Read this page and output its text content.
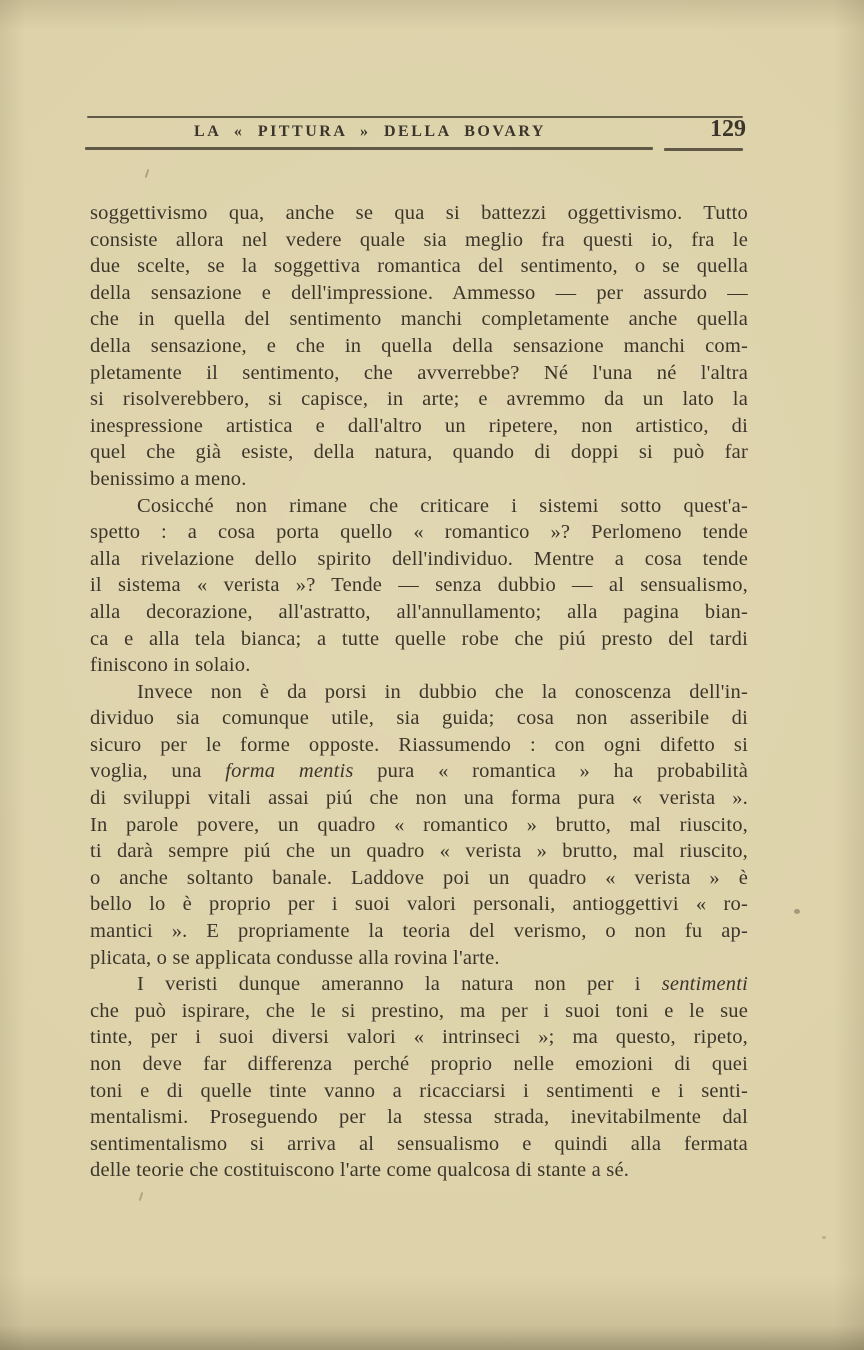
LA « PITTURA » DELLA BOVARY	129
soggettivismo qua, anche se qua si battezzi oggettivismo. Tutto
consiste allora nel vedere quale sia meglio fra questi io, fra le
due scelte, se la soggettiva romantica del sentimento, o se quella
della sensazione e dell'impressione. Ammesso — per assurdo —
che in quella del sentimento manchi completamente anche quella
della sensazione, e che in quella della sensazione manchi com-
pletamente il sentimento, che avverrebbe? Né l'una né l'altra
si risolverebbero, si capisce, in arte; e avremmo da un lato la
inespressione artistica e dall'altro un ripetere, non artistico, di
quel che già esiste, della natura, quando di doppi si può far
benissimo a meno.
Cosicché non rimane che criticare i sistemi sotto quest'a-
spetto : a cosa porta quello « romantico »? Perlomeno tende
alla rivelazione dello spirito dell'individuo. Mentre a cosa tende
il sistema « verista »? Tende — senza dubbio — al sensualismo,
alla decorazione, all'astratto, all'annullamento; alla pagina bian-
ca e alla tela bianca; a tutte quelle robe che piú presto del tardi
finiscono in solaio.
Invece non è da porsi in dubbio che la conoscenza dell'in-
dividuo sia comunque utile, sia guida; cosa non asseribile di
sicuro per le forme opposte. Riassumendo : con ogni difetto si
voglia, una forma mentis pura « romantica » ha probabilità
di sviluppi vitali assai piú che non una forma pura « verista ».
In parole povere, un quadro « romantico » brutto, mal riuscito,
ti darà sempre piú che un quadro « verista » brutto, mal riuscito,
o anche soltanto banale. Laddove poi un quadro « verista » è
bello lo è proprio per i suoi valori personali, antioggettivi « ro-
mantici ». E propriamente la teoria del verismo, o non fu ap-
plicata, o se applicata condusse alla rovina l'arte.
I veristi dunque ameranno la natura non per i sentimenti
che può ispirare, che le si prestino, ma per i suoi toni e le sue
tinte, per i suoi diversi valori « intrinseci »; ma questo, ripeto,
non deve far differenza perché proprio nelle emozioni di quei
toni e di quelle tinte vanno a ricacciarsi i sentimenti e i senti-
mentalismi. Proseguendo per la stessa strada, inevitabilmente dal
sentimentalismo si arriva al sensualismo e quindi alla fermata
delle teorie che costituiscono l'arte come qualcosa di stante a sé.
